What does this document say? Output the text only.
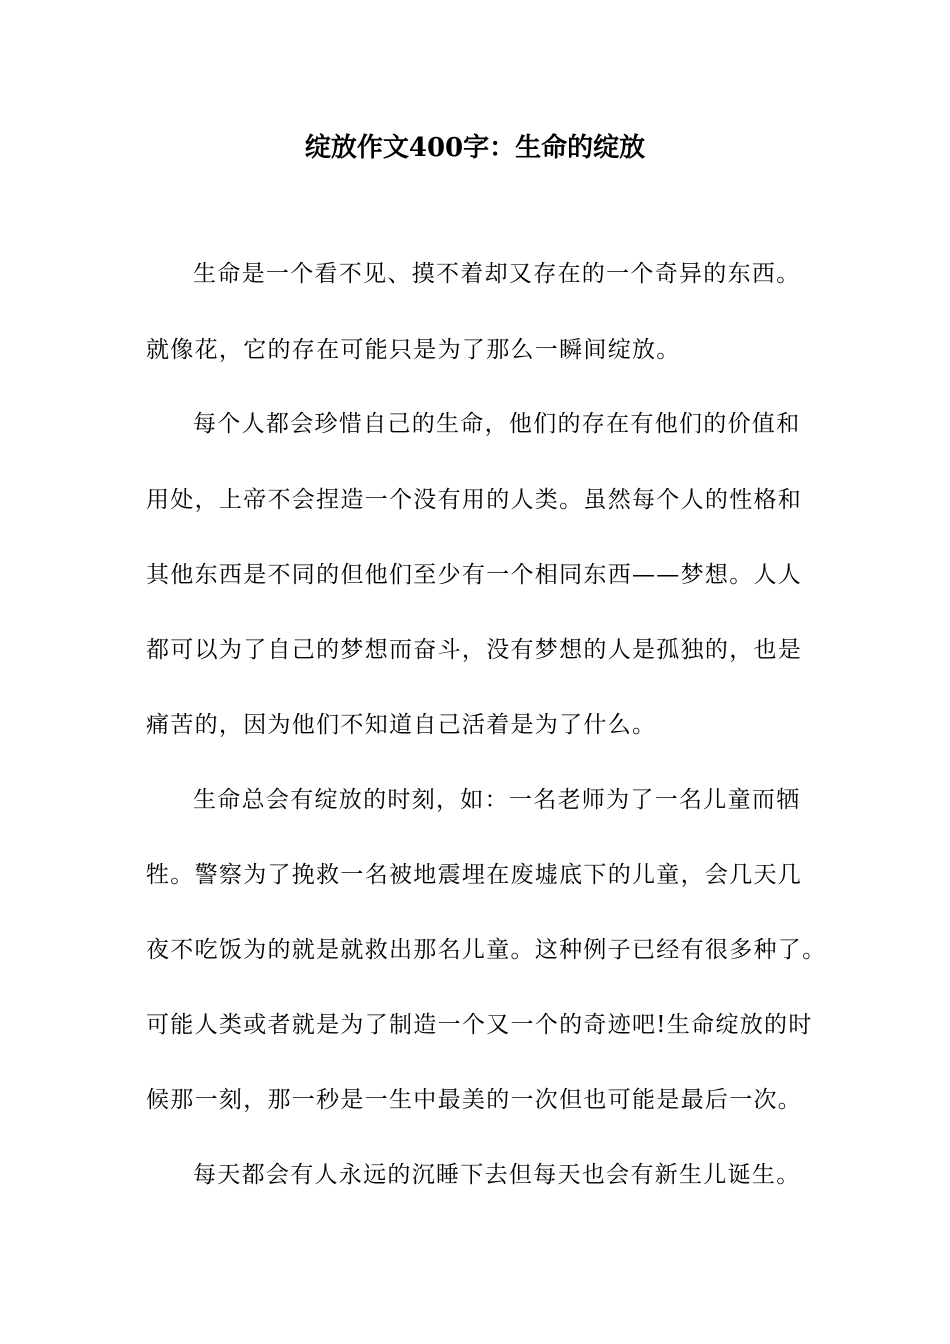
绽放作文400字：生命的绽放
生命是一个看不见、摸不着却又存在的一个奇异的东西。
就像花，它的存在可能只是为了那么一瞬间绽放。
每个人都会珍惜自己的生命，他们的存在有他们的价值和
用处，上帝不会捏造一个没有用的人类。虽然每个人的性格和
其他东西是不同的但他们至少有一个相同东西——梦想。人人
都可以为了自己的梦想而奋斗，没有梦想的人是孤独的，也是
痛苦的，因为他们不知道自己活着是为了什么。
生命总会有绽放的时刻，如：一名老师为了一名儿童而牺
牲。警察为了挽救一名被地震埋在废墟底下的儿童，会几天几
夜不吃饭为的就是就救出那名儿童。这种例子已经有很多种了。
可能人类或者就是为了制造一个又一个的奇迹吧!生命绽放的时
候那一刻，那一秒是一生中最美的一次但也可能是最后一次。
每天都会有人永远的沉睡下去但每天也会有新生儿诞生。
